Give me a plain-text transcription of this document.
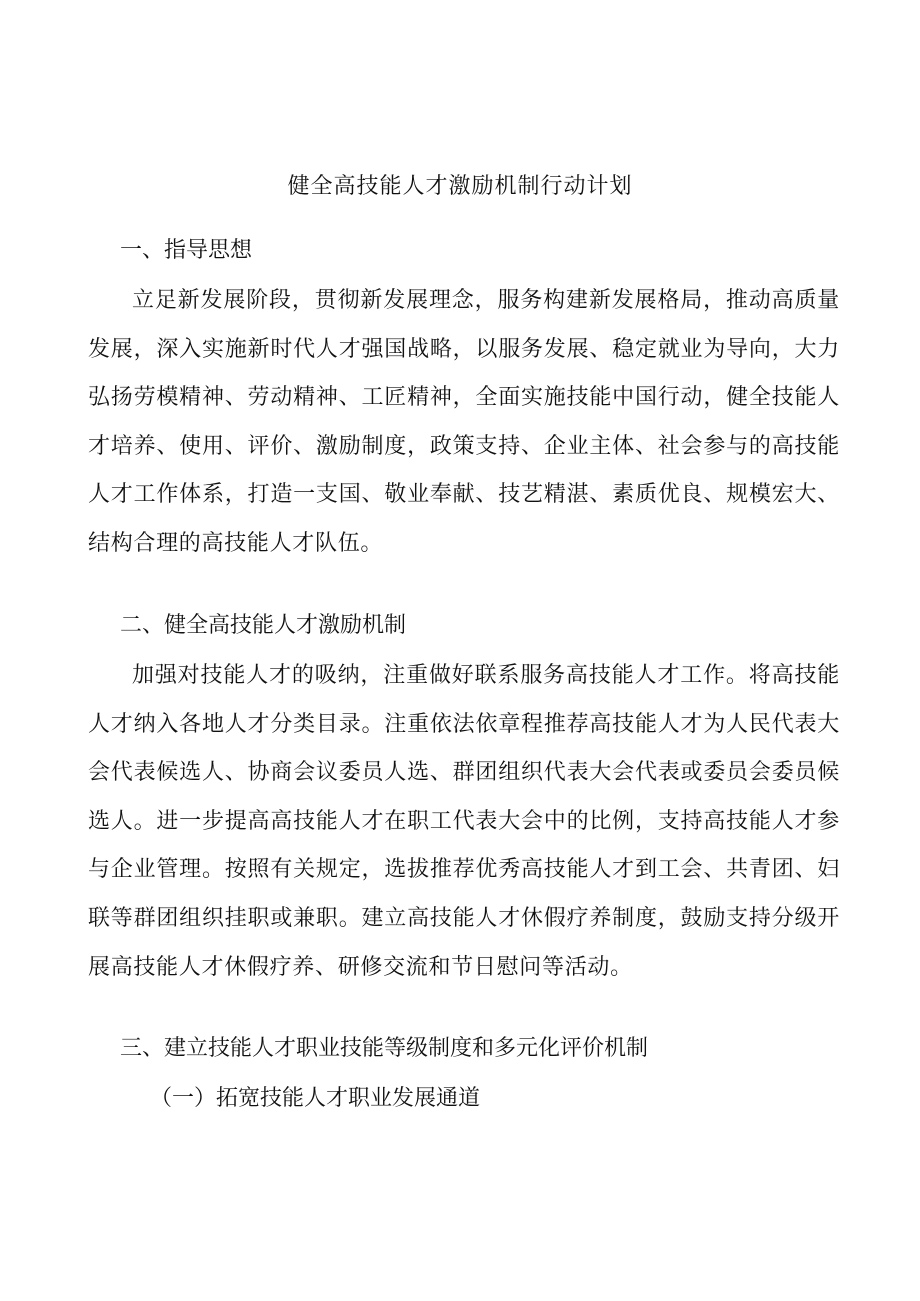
健全高技能人才激励机制行动计划
一、指导思想
立足新发展阶段，贯彻新发展理念，服务构建新发展格局，推动高质量发展，深入实施新时代人才强国战略，以服务发展、稳定就业为导向，大力弘扬劳模精神、劳动精神、工匠精神，全面实施技能中国行动，健全技能人才培养、使用、评价、激励制度，政策支持、企业主体、社会参与的高技能人才工作体系，打造一支国、敬业奉献、技艺精湛、素质优良、规模宏大、结构合理的高技能人才队伍。
二、健全高技能人才激励机制
加强对技能人才的吸纳，注重做好联系服务高技能人才工作。将高技能人才纳入各地人才分类目录。注重依法依章程推荐高技能人才为人民代表大会代表候选人、协商会议委员人选、群团组织代表大会代表或委员会委员候选人。进一步提高高技能人才在职工代表大会中的比例，支持高技能人才参与企业管理。按照有关规定，选拔推荐优秀高技能人才到工会、共青团、妇联等群团组织挂职或兼职。建立高技能人才休假疗养制度，鼓励支持分级开展高技能人才休假疗养、研修交流和节日慰问等活动。
三、建立技能人才职业技能等级制度和多元化评价机制
（一）拓宽技能人才职业发展通道
